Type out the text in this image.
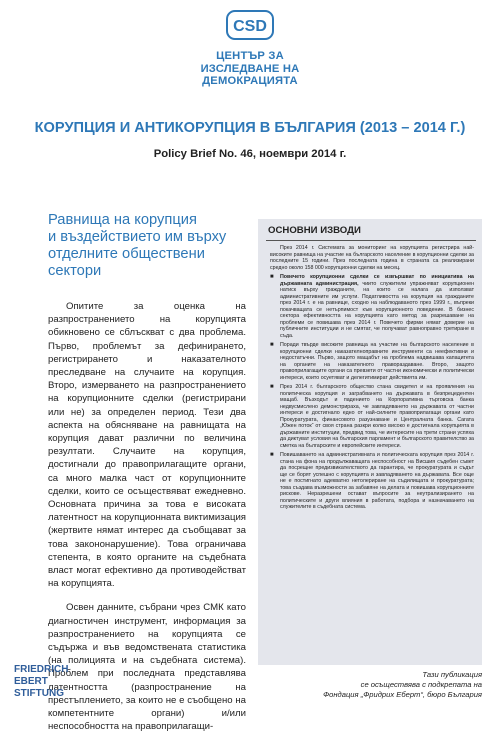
CSD
ЦЕНТЪР ЗА
ИЗСЛЕДВАНЕ НА
ДЕМОКРАЦИЯТА
КОРУПЦИЯ И АНТИКОРУПЦИЯ В БЪЛГАРИЯ (2013 – 2014 Г.)
Policy Brief No. 46, ноември 2014 г.
Равнища на корупция
и въздействието им върху
отделните обществени
сектори

Опитите за оценка на разпространението на корупцията обикновено се сблъскват с два проблема. Първо, проблемът за дефинирането, регистрирането и наказателното преследване на случаите на корупция. Второ, измерването на разпространението на корупционните сделки (регистрирани или не) за определен период. Тези два аспекта на обясняване на равнищата на корупция дават различни по величина резултати. Случаите на корупция, достигнали до правоприлагащите органи, са много малка част от корупционните сделки, които се осъществяват ежедневно. Основната причина за това е високата латентност на корупционната виктимизация (жертвите нямат интерес да съобщават за това закононарушение). Това ограничава степента, в която органите на съдебната власт могат ефективно да противодействат на корупцията.

Освен данните, събрани чрез СМК като диагностичен инструмент, информация за разпространението на корупцията се съдържа и във ведомствената статистика (на полицията и на съдебната система). Проблем при последната представлява латентността (разпространение на престъплението, за които не е съобщено на компетентните органи) и/или неспособността на правоприлагащи-

ОСНОВНИ ИЗВОДИ

През 2014 г. Системата за мониторинг на корупцията регистрира най-високите равнища на участие на българското население в корупционни сделки за последните 15 години. През последната година в страната са реализирани средно около 158 000 корупционни сделки на месец.

■ Повечето корупционни сделки се извършват по инициатива на държавната администрация, чиито служители упражняват корупционен натиск върху гражданите, на които се налага да използват административните им услуги. Податливостта на корупция на гражданите през 2014 г. е на равнище, сходно на наблюдаваното през 1999 г., въпреки покачващата се нетърпимост към корупционното поведение. В бизнес сектора ефективността на корупцията като метод за разрешаване на проблеми се повишава през 2014 г. Повечето фирми нямат доверие на публичните институции и не смятат, че получават равноправно третиране в съда.
■ Поради твърде високите равнища на участие на българското население в корупционни сделки наказателноправните инструменти са неефективни и недостатъчни. Първо, защото мащабът на проблема надвишава капацитета на органите на наказателното правораздаване. Второ, защото правоприлагащите органи са превзети от частни икономически и политически интереси, които осуетяват и делегитимират действията им.
■ През 2014 г. българското общество стана свидетел и на проявления на политическа корупция и заграбването на държавата в безпрецедентен мащаб. Възходът и падението на Корпоративна търговска банка недвусмислено демонстрираха, че завладяването на държавата от частни интереси е достигнало едно от най-силните правоприлагащи органи като Прокуратурата, финансовото разузнаване и Централната банка. Сагата „Южен поток“ от своя страна разкри колко високо е достигнала корупцията в държавните институции, предвид това, че интересите на трети страни успяха да диктуват условия на българския парламент и българското правителство за сметка на българските и европейските интереси.
■ Повишаването на административната и политическата корупция през 2014 г. стана на фона на продължаващата неспособност на Висшия съдебен съвет да посрещне предизвикателството да гарантира, че прокуратурата и съдът ще се борят успешно с корупцията и завладяването на държавата. Все още не е постигнато адекватно нетолериране на съдилищата и прокуратурата; това създава възможности за забавяне на делата и повишава корупционните рискове. Неразрешени остават въпросите за неутрализирането на политическите и други влияния в работата, подбора и назначаването на служителите в съдебната система.
FRIEDRICH
EBERT
STIFTUNG
Тази публикация
се осъществява с подкрепата на
Фондация „Фридрих Еберт“, бюро България
